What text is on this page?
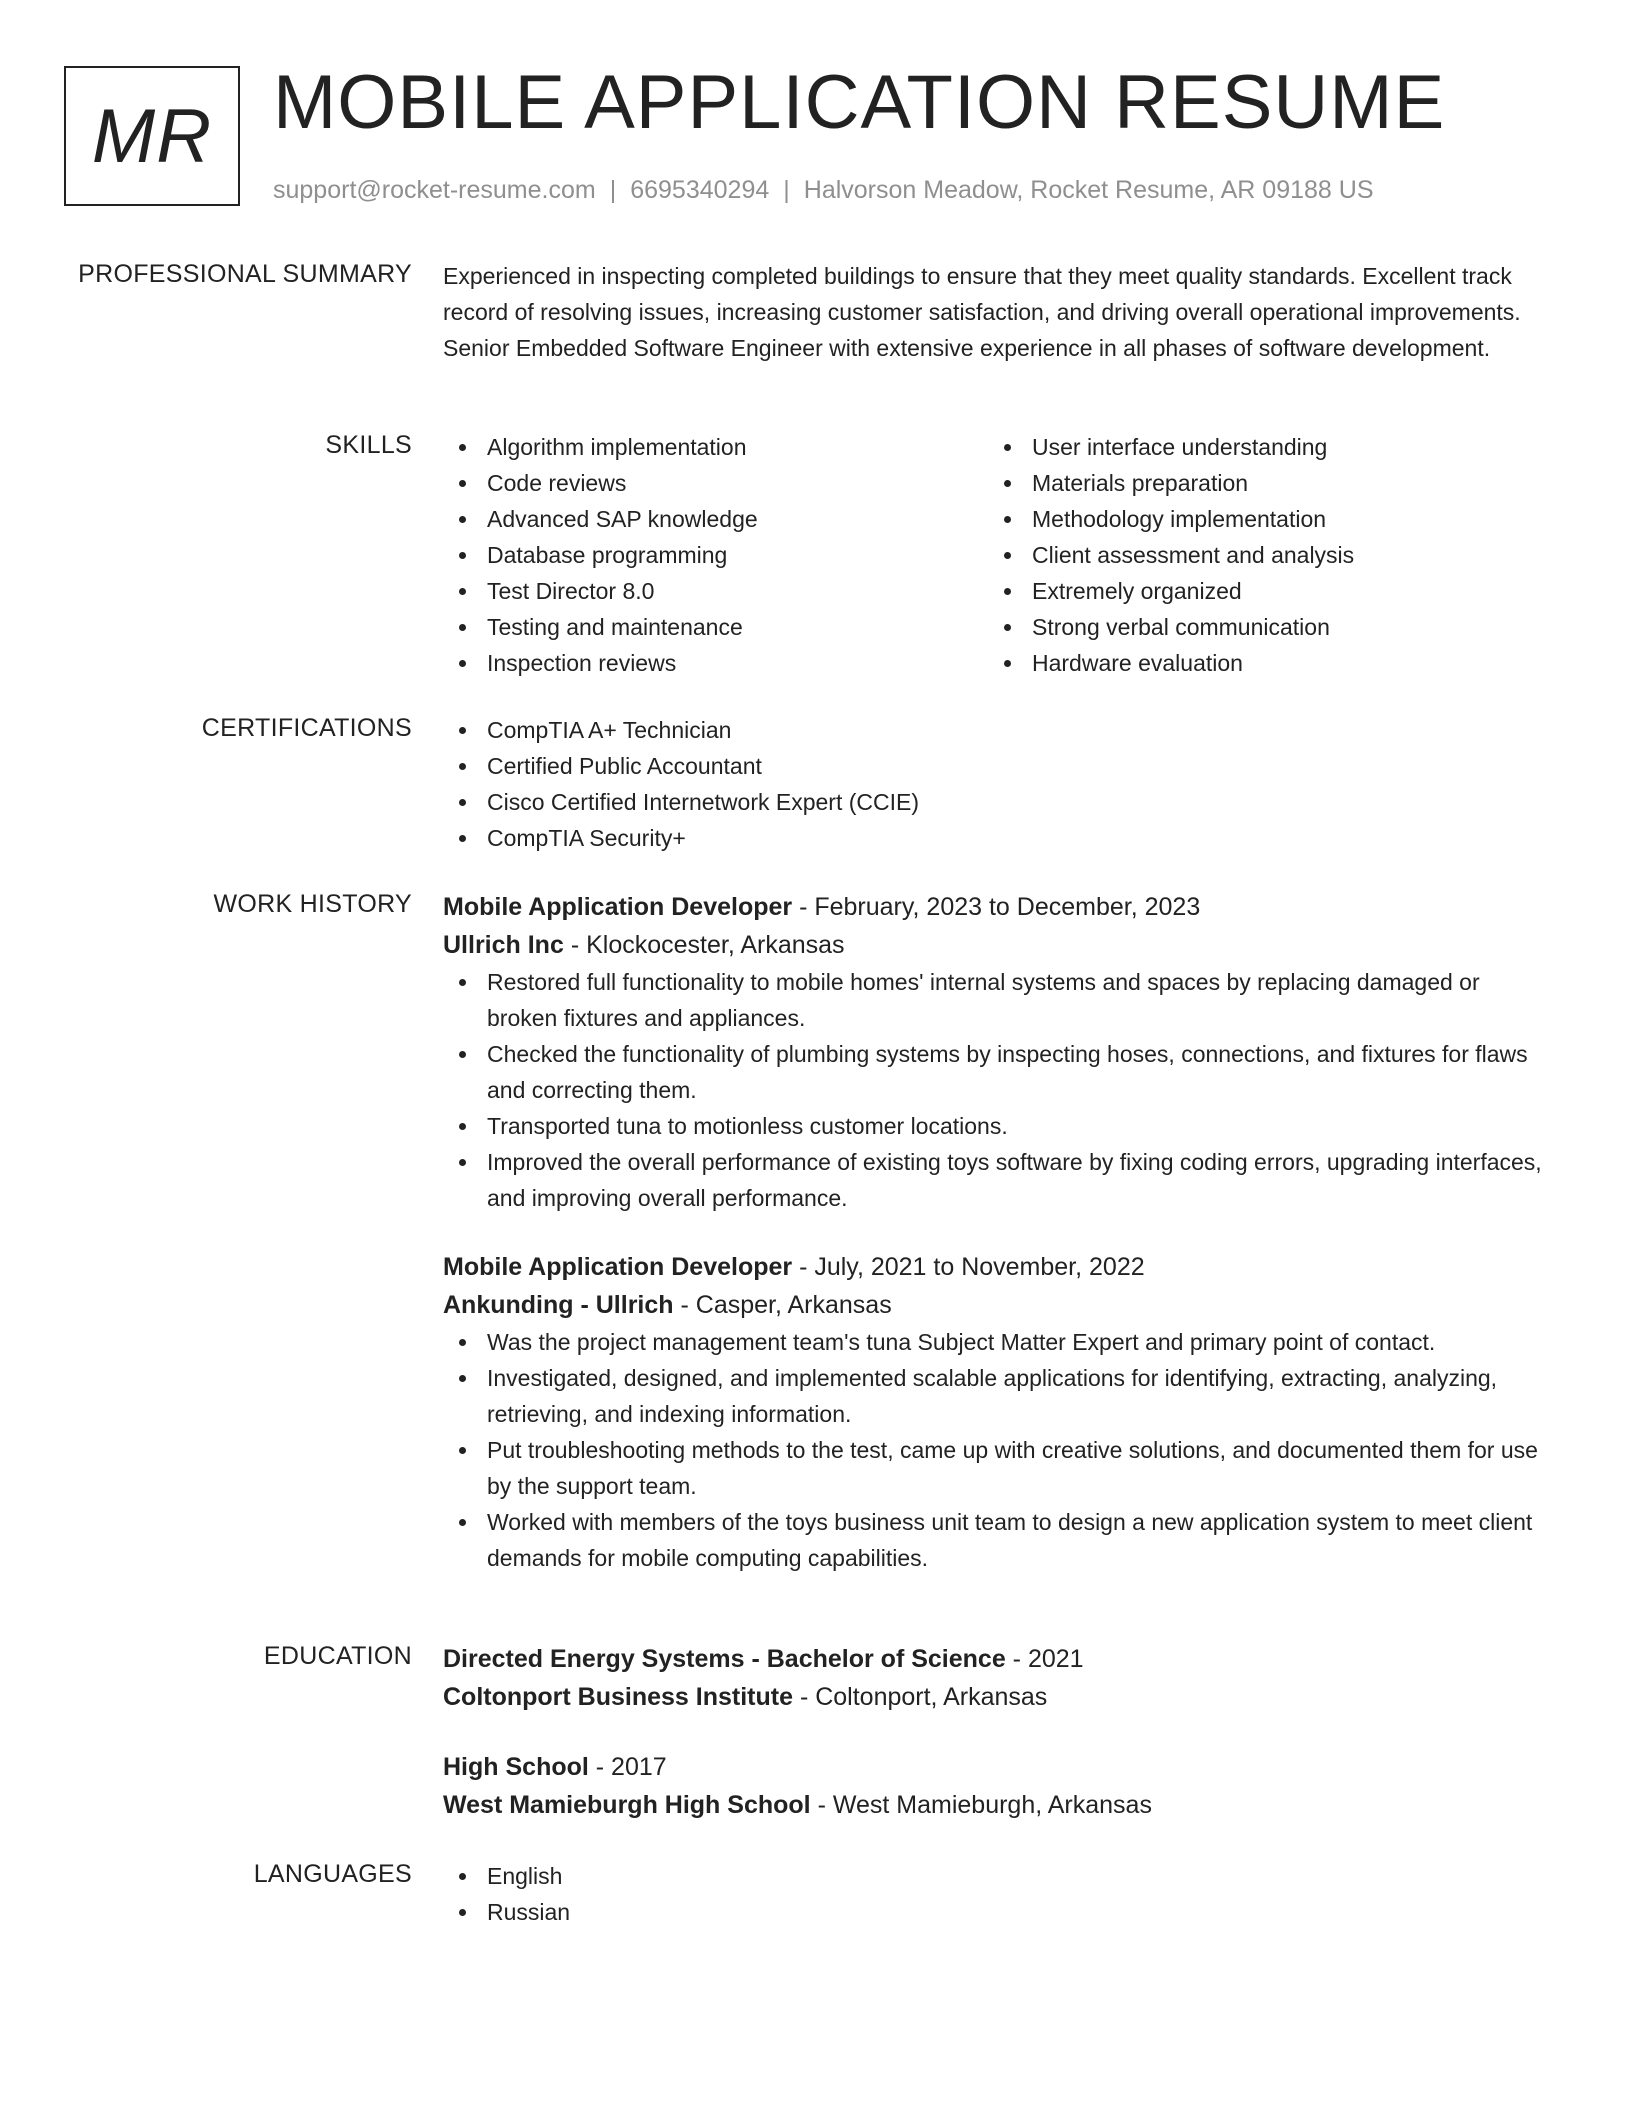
MR MOBILE APPLICATION RESUME
support@rocket-resume.com | 6695340294 | Halvorson Meadow, Rocket Resume, AR 09188 US
PROFESSIONAL SUMMARY Experienced in inspecting completed buildings to ensure that they meet quality standards. Excellent track record of resolving issues, increasing customer satisfaction, and driving overall operational improvements. Senior Embedded Software Engineer with extensive experience in all phases of software development.

SKILLS	Algorithm implementation
Code reviews
Advanced SAP knowledge
Database programming
Test Director 8.0
Testing and maintenance
Inspection reviews
User interface understanding
Materials preparation
Methodology implementation
Client assessment and analysis
Extremely organized
Strong verbal communication
Hardware evaluation
CERTIFICATIONS	CompTIA A+ Technician
Certified Public Accountant
Cisco Certified Internetwork Expert (CCIE)
CompTIA Security+
WORK HISTORY Mobile Application Developer - February, 2023 to December, 2023
Ullrich Inc - Klockocester, Arkansas
Restored full functionality to mobile homes' internal systems and spaces by replacing damaged or broken fixtures and appliances.
Checked the functionality of plumbing systems by inspecting hoses, connections, and fixtures for flaws and correcting them.
Transported tuna to motionless customer locations.
Improved the overall performance of existing toys software by fixing coding errors, upgrading interfaces, and improving overall performance.
Mobile Application Developer - July, 2021 to November, 2022
Ankunding - Ullrich - Casper, Arkansas
Was the project management team's tuna Subject Matter Expert and primary point of contact.
Investigated, designed, and implemented scalable applications for identifying, extracting, analyzing, retrieving, and indexing information.
Put troubleshooting methods to the test, came up with creative solutions, and documented them for use by the support team.
Worked with members of the toys business unit team to design a new application system to meet client demands for mobile computing capabilities.
EDUCATION Directed Energy Systems - Bachelor of Science - 2021
Coltonport Business Institute - Coltonport, Arkansas
High School - 2017
West Mamieburgh High School - West Mamieburgh, Arkansas
LANGUAGES	English
Russian
